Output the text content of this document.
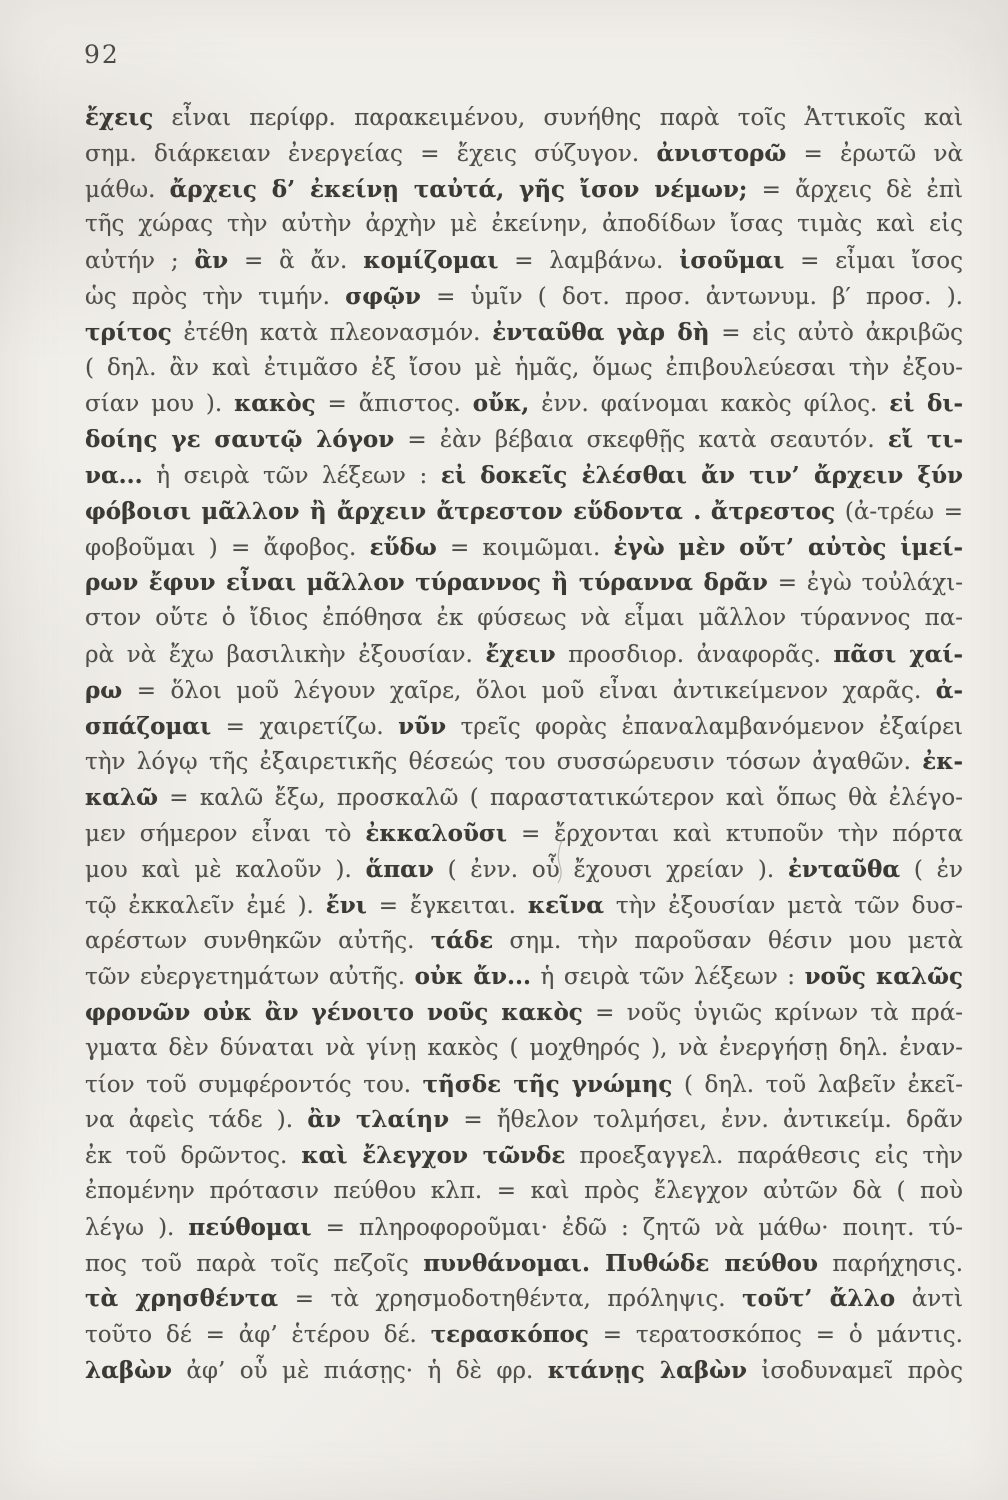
92
ἔχεις εἶναι περίφρ. παρακειμένου, συνήθης παρὰ τοῖς Ἀττικοῖς καὶ
σημ. διάρκειαν ἐνεργείας = ἔχεις σύζυγον. ἀνιστορῶ = ἐρωτῶ νὰ
μάθω. ἄρχεις δ’ ἐκείνῃ ταὐτά, γῆς ἴσον νέμων; = ἄρχεις δὲ ἐπὶ
τῆς χώρας τὴν αὐτὴν ἀρχὴν μὲ ἐκείνην, ἀποδίδων ἴσας τιμὰς καὶ εἰς
αὐτήν ; ἂν = ἃ ἄν. κομίζομαι = λαμβάνω. ἰσοῦμαι = εἶμαι ἴσος
ὡς πρὸς τὴν τιμήν. σφῷν = ὑμῖν ( δοτ. προσ. ἀντωνυμ. β′ προσ. ).
τρίτος ἐτέθη κατὰ πλεονασμόν. ἐνταῦθα γὰρ δὴ = εἰς αὐτὸ ἀκριβῶς
( δηλ. ἂν καὶ ἐτιμᾶσο ἐξ ἴσου μὲ ἡμᾶς, ὅμως ἐπιβουλεύεσαι τὴν ἐξου-
σίαν μου ). κακὸς = ἄπιστος. οὔκ, ἐνν. φαίνομαι κακὸς φίλος. εἰ δι-
δοίης γε σαυτῷ λόγον = ἐὰν βέβαια σκεφθῇς κατὰ σεαυτόν. εἴ τι-
να... ἡ σειρὰ τῶν λέξεων : εἰ δοκεῖς ἐλέσθαι ἄν τιν’ ἄρχειν ξύν
φόβοισι μᾶλλον ἢ ἄρχειν ἄτρεστον εὕδοντα . ἄτρεστος (ἀ-τρέω =
φοβοῦμαι ) = ἄφοβος. εὕδω = κοιμῶμαι. ἐγὼ μὲν οὔτ’ αὐτὸς ἱμεί-
ρων ἔφυν εἶναι μᾶλλον τύραννος ἢ τύραννα δρᾶν = ἐγὼ τοὐλάχι-
στον οὔτε ὁ ἴδιος ἐπόθησα ἐκ φύσεως νὰ εἶμαι μᾶλλον τύραννος πα-
ρὰ νὰ ἔχω βασιλικὴν ἐξουσίαν. ἔχειν προσδιορ. ἀναφορᾶς. πᾶσι χαί-
ρω = ὅλοι μοῦ λέγουν χαῖρε, ὅλοι μοῦ εἶναι ἀντικείμενον χαρᾶς. ἀ-
σπάζομαι = χαιρετίζω. νῦν τρεῖς φορὰς ἐπαναλαμβανόμενον ἐξαίρει
τὴν λόγῳ τῆς ἐξαιρετικῆς θέσεώς του συσσώρευσιν τόσων ἀγαθῶν. ἐκ-
καλῶ = καλῶ ἔξω, προσκαλῶ ( παραστατικώτερον καὶ ὅπως θὰ ἐλέγο-
μεν σήμερον εἶναι τὸ ἐκκαλοῦσι = ἔρχονται καὶ κτυποῦν τὴν πόρτα
μου καὶ μὲ καλοῦν ). ἅπαν ( ἐνν. οὗ ἔχουσι χρείαν ). ἐνταῦθα ( ἐν
τῷ ἐκκαλεῖν ἐμέ ). ἔνι = ἔγκειται. κεῖνα τὴν ἐξουσίαν μετὰ τῶν δυσ-
αρέστων συνθηκῶν αὐτῆς. τάδε σημ. τὴν παροῦσαν θέσιν μου μετὰ
τῶν εὐεργετημάτων αὐτῆς. οὐκ ἄν... ἡ σειρὰ τῶν λέξεων : νοῦς καλῶς
φρονῶν οὐκ ἂν γένοιτο νοῦς κακὸς = νοῦς ὑγιῶς κρίνων τὰ πρά-
γματα δὲν δύναται νὰ γίνῃ κακὸς ( μοχθηρός ), νὰ ἐνεργήσῃ δηλ. ἐναν-
τίον τοῦ συμφέροντός του. τῆσδε τῆς γνώμης ( δηλ. τοῦ λαβεῖν ἐκεῖ-
να ἀφεὶς τάδε ). ἂν τλαίην = ἤθελον τολμήσει, ἐνν. ἀντικείμ. δρᾶν
ἐκ τοῦ δρῶντος. καὶ ἔλεγχον τῶνδε προεξαγγελ. παράθεσις εἰς τὴν
ἐπομένην πρότασιν πεύθου κλπ. = καὶ πρὸς ἔλεγχον αὐτῶν δὰ ( ποὺ
λέγω ). πεύθομαι = πληροφοροῦμαι· ἐδῶ : ζητῶ νὰ μάθω· ποιητ. τύ-
πος τοῦ παρὰ τοῖς πεζοῖς πυνθάνομαι. Πυθώδε πεύθου παρήχησις.
τὰ χρησθέντα = τὰ χρησμοδοτηθέντα, πρόληψις. τοῦτ’ ἄλλο ἀντὶ
τοῦτο δέ = ἀφ’ ἑτέρου δέ. τερασκόπος = τερατοσκόπος = ὁ μάντις.
λαβὼν ἀφ’ οὗ μὲ πιάσῃς· ἡ δὲ φρ. κτάνῃς λαβὼν ἰσοδυναμεῖ πρὸς
